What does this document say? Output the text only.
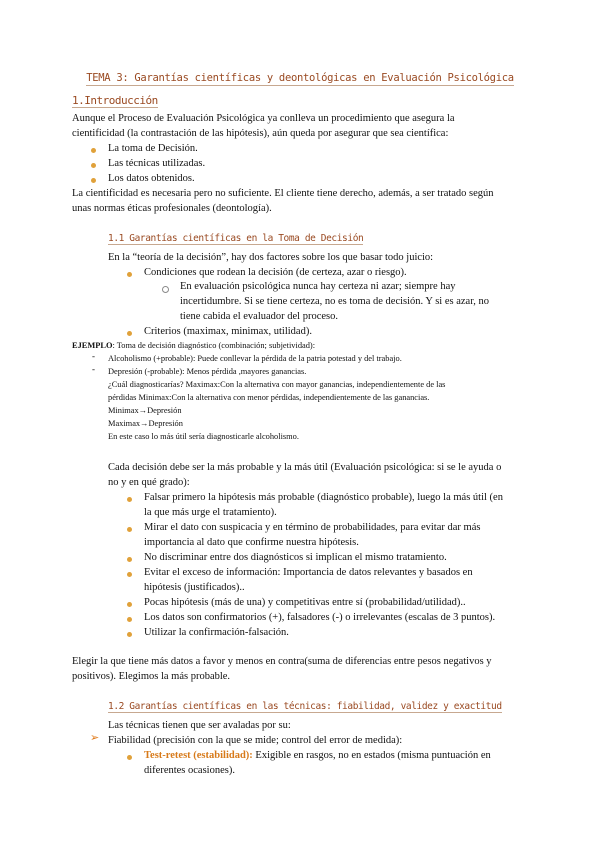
TEMA 3: Garantías científicas y deontológicas en Evaluación Psicológica
1.Introducción
Aunque el Proceso de Evaluación Psicológica ya conlleva un procedimiento que asegura la
cientificidad (la contrastación de las hipótesis), aún queda por asegurar que sea científica:
La toma de Decisión.
Las técnicas utilizadas.
Los datos obtenidos.
La cientificidad es necesaria pero no suficiente. El cliente tiene derecho, además, a ser tratado según
unas normas éticas profesionales (deontología).
1.1 Garantías científicas en la Toma de Decisión
En la “teoría de la decisión”, hay dos factores sobre los que basar todo juicio:
Condiciones que rodean la decisión (de certeza, azar o riesgo).
En evaluación psicológica nunca hay certeza ni azar; siempre hay
incertidumbre. Si se tiene certeza, no es toma de decisión. Y si es azar, no
tiene cabida el evaluador del proceso.
Criterios (maximax, minimax, utilidad).
EJEMPLO: Toma de decisión diagnóstico (combinación; subjetividad):
- Alcoholismo (+probable): Puede conllevar la pérdida de la patria potestad y del trabajo.
- Depresión (-probable): Menos pérdida ,mayores ganancias.
¿Cuál diagnosticarías? Maximax:Con la alternativa con mayor ganancias, independientemente de las
pérdidas Minimax:Con la alternativa con menor pérdidas, independientemente de las ganancias.
Minimax→Depresión
Maximax→Depresión
En este caso lo más útil sería diagnosticarle alcoholismo.
Cada decisión debe ser la más probable y la más útil (Evaluación psicológica: si se le ayuda o
no y en qué grado):
Falsar primero la hipótesis más probable (diagnóstico probable), luego la más útil (en
la que más urge el tratamiento).
Mirar el dato con suspicacia y en término de probabilidades, para evitar dar más
importancia al dato que confirme nuestra hipótesis.
No discriminar entre dos diagnósticos si implican el mismo tratamiento.
Evitar el exceso de información: Importancia de datos relevantes y basados en
hipótesis (justificados)..
Pocas hipótesis (más de una) y competitivas entre sí (probabilidad/utilidad)..
Los datos son confirmatorios (+), falsadores (-) o irrelevantes (escalas de 3 puntos).
Utilizar la confirmación-falsación.
Elegir la que tiene más datos a favor y menos en contra(suma de diferencias entre pesos negativos y
positivos). Elegimos la más probable.
1.2 Garantías científicas en las técnicas: fiabilidad, validez y exactitud
Las técnicas tienen que ser avaladas por su:
➢ Fiabilidad (precisión con la que se mide; control del error de medida):
Test-retest (estabilidad): Exigible en rasgos, no en estados (misma puntuación en
diferentes ocasiones).
